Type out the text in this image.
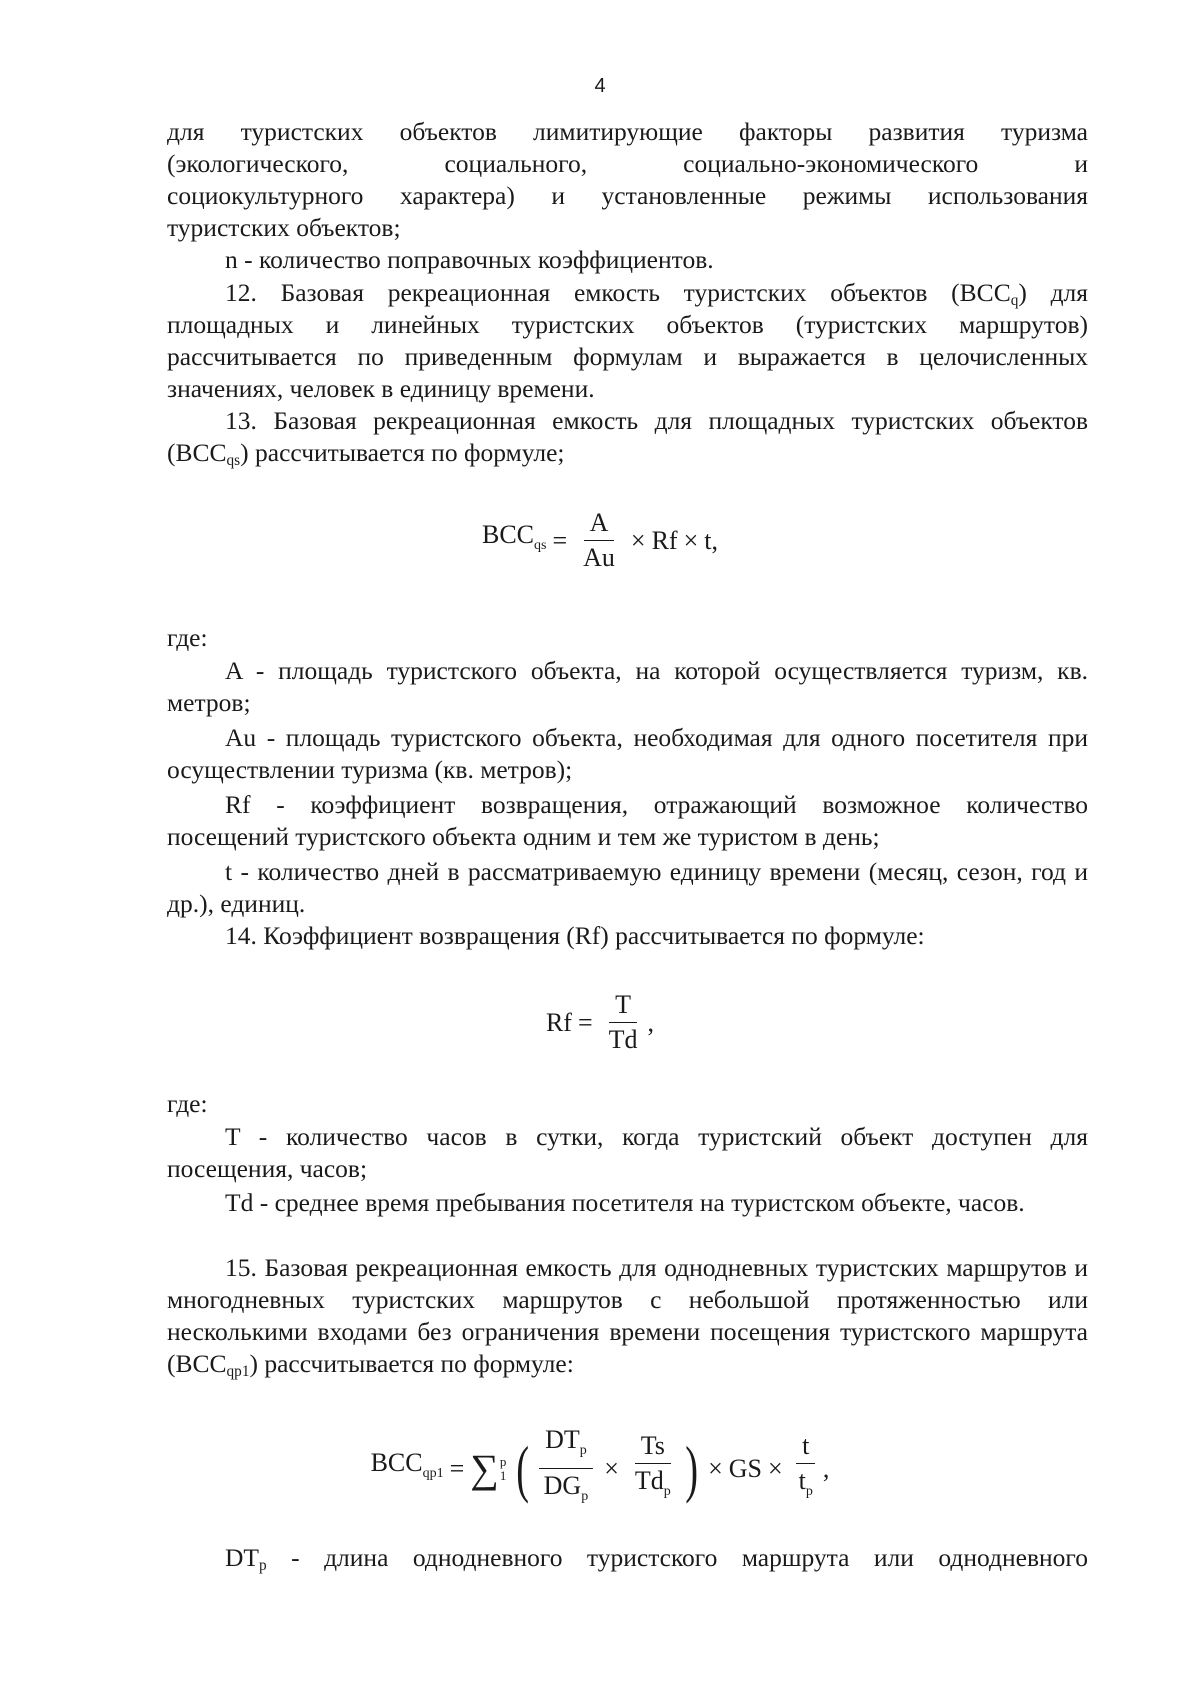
4
для туристских объектов лимитирующие факторы развития туризма
(экологического, социального, социально-экономического и
социокультурного характера) и установленные режимы использования
туристских объектов;

n - количество поправочных коэффициентов.

12. Базовая рекреационная емкость туристских объектов $(BCC_q)$ для площадных и линейных туристских объектов (туристских маршрутов) рассчитывается по приведенным формулам и выражается в целочисленных значениях, человек в единицу времени.

13. Базовая рекреационная емкость для площадных туристских объектов $(BCC_{qs})$ рассчитывается по формуле;

$BCC_{qs} = \frac{A}{Au} \times Rf \times t$,

где:

A - площадь туристского объекта, на которой осуществляется туризм, кв. метров;

Au - площадь туристского объекта, необходимая для одного посетителя при осуществлении туризма (кв. метров);

Rf - коэффициент возвращения, отражающий возможное количество посещений туристского объекта одним и тем же туристом в день;

t - количество дней в рассматриваемую единицу времени (месяц, сезон, год и др.), единиц.

14. Коэффициент возвращения (Rf) рассчитывается по формуле:

$Rf = \frac{T}{Td}$ ,

где:

T - количество часов в сутки, когда туристский объект доступен для посещения, часов;

Td - среднее время пребывания посетителя на туристском объекте, часов.

15. Базовая рекреационная емкость для однодневных туристских маршрутов и многодневных туристских маршрутов с небольшой протяженностью или несколькими входами без ограничения времени посещения туристского маршрута $(BCC_{qp1})$ рассчитывается по формуле:

$BCC_{qp1}$ = ∑ p
1 ( $\frac{DT_p}{DG_p} \times \frac{Ts}{Td_p}$ ) × GS × $\frac{t}{t_p}$ ,

$DT_p$ - длина однодневного туристского маршрута или однодневного
